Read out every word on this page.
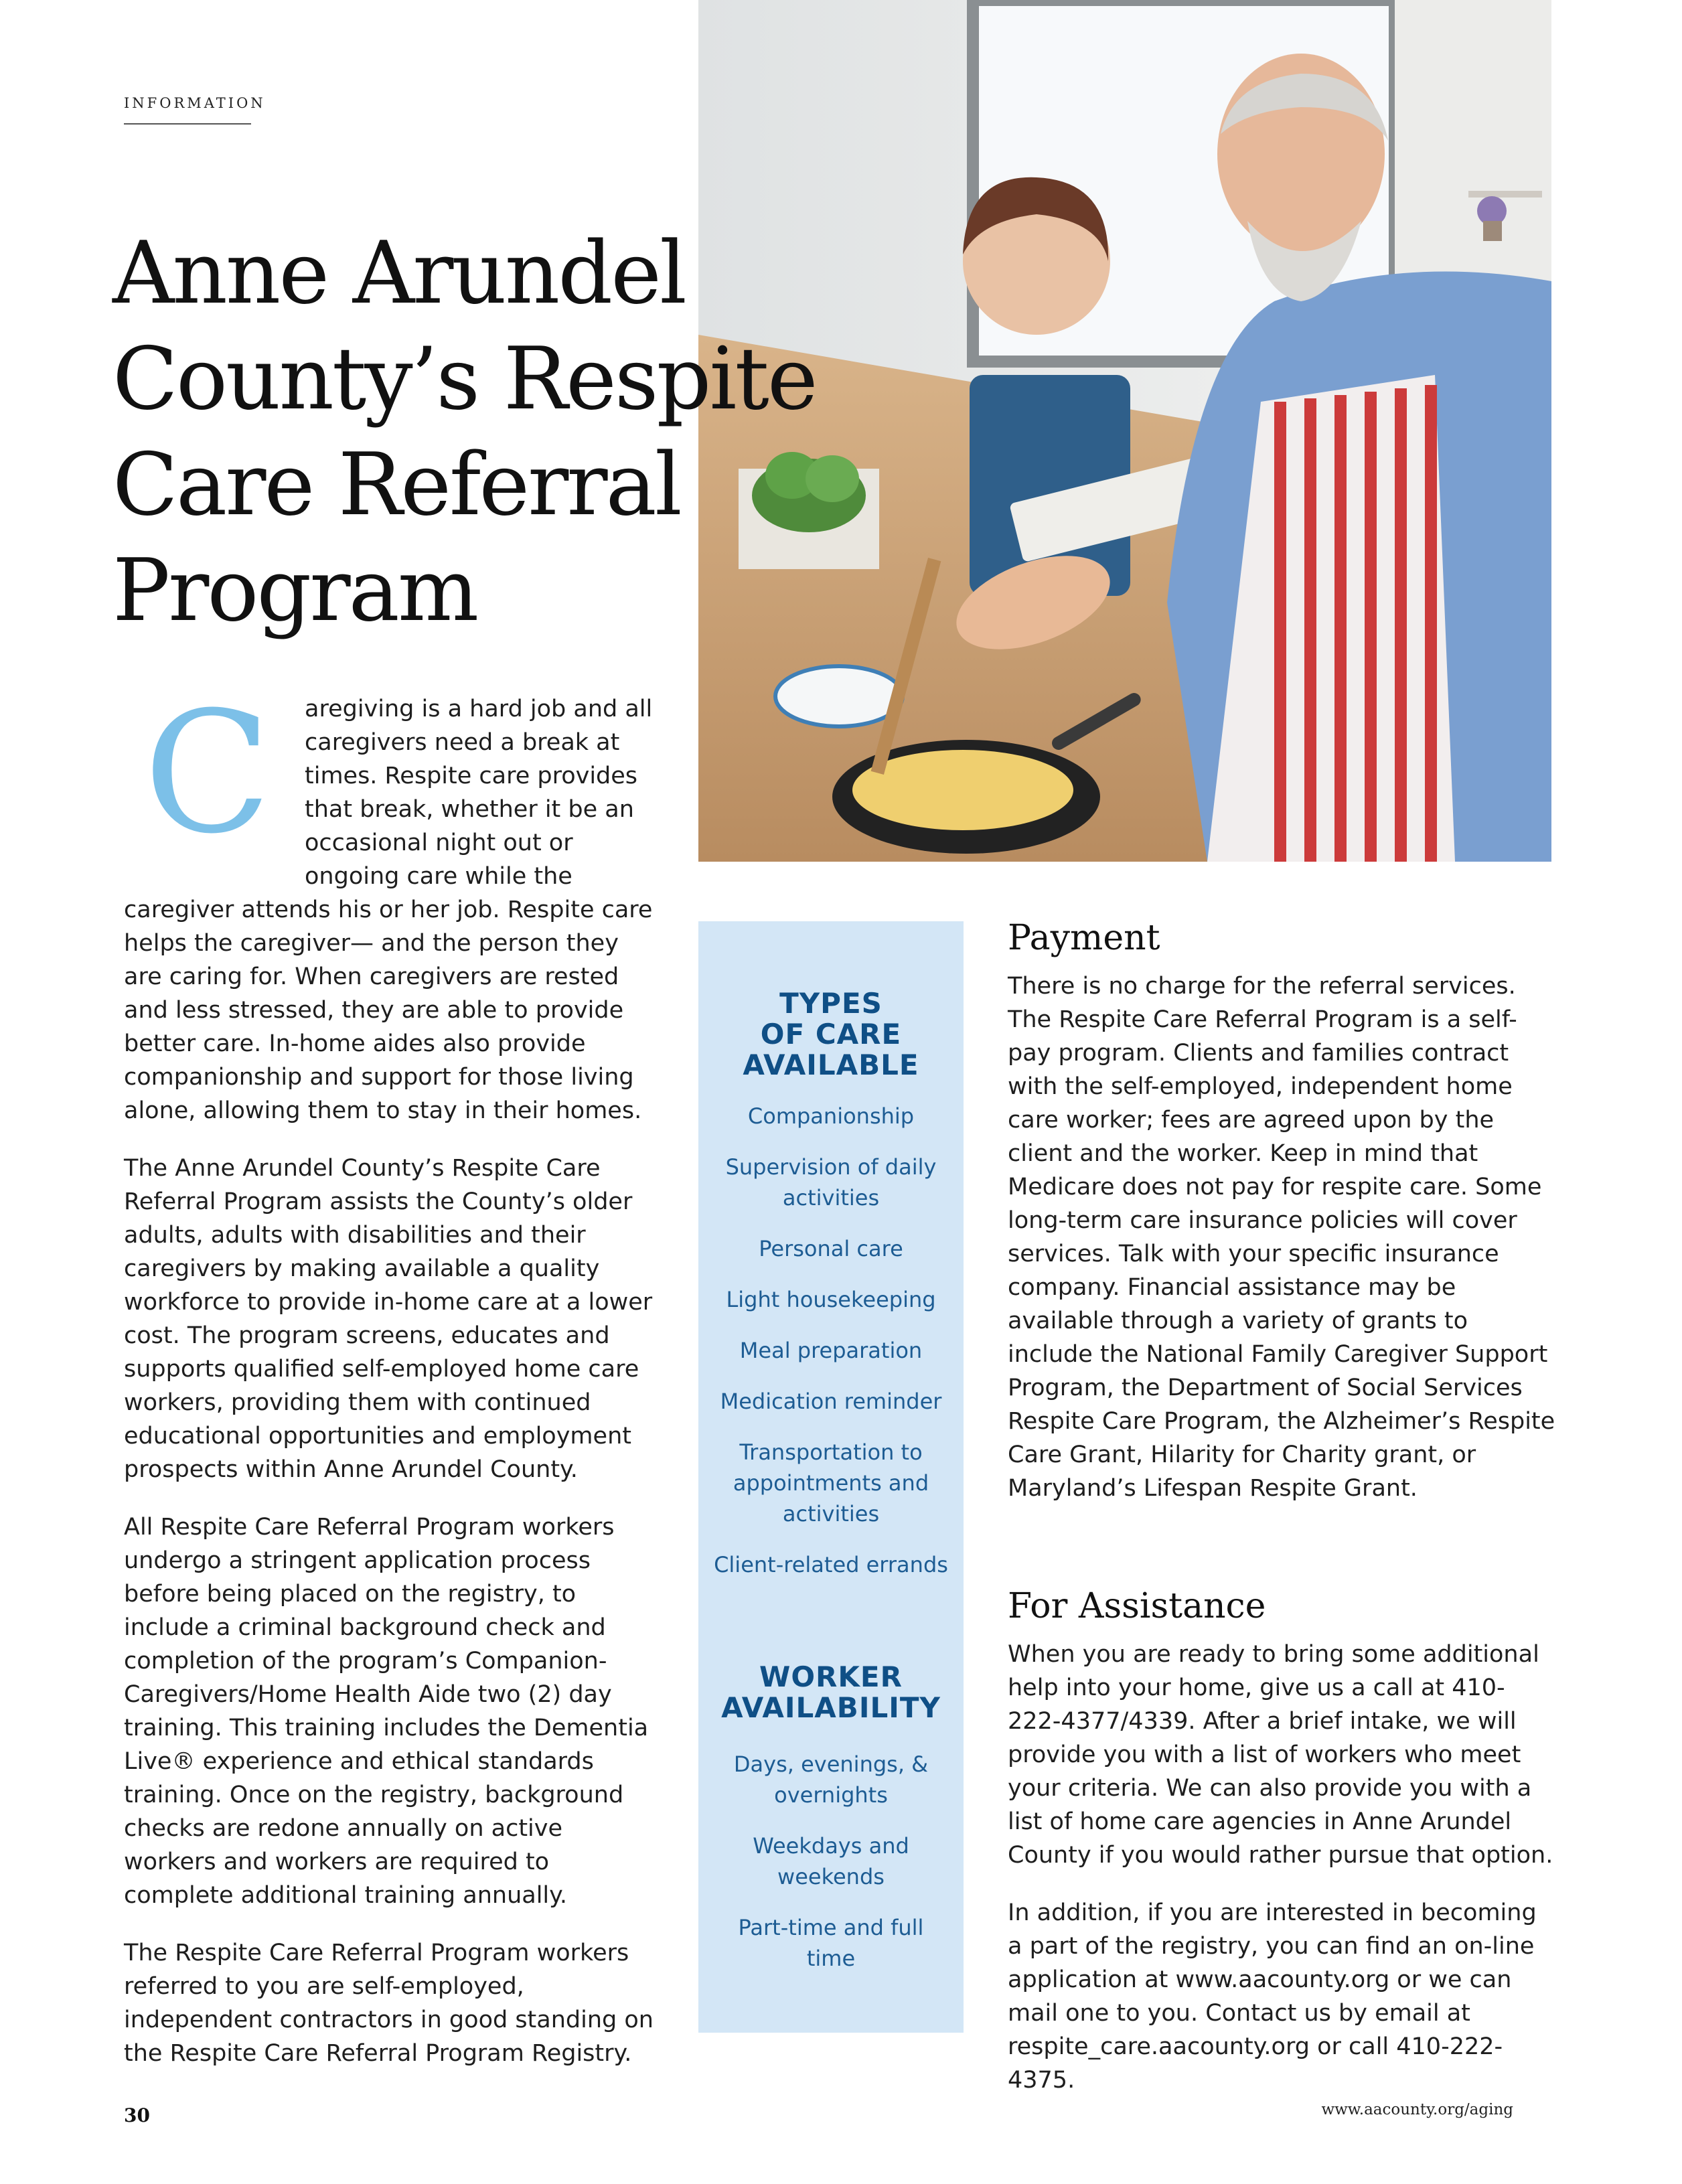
INFORMATION
Anne Arundel
County’s Respite
Care Referral
Program

C	aregiving is a hard job and all caregivers need a break at times. Respite care provides that break, whether it be an occasional night out or ongoing care while the caregiver attends his or her job. Respite care helps the caregiver— and the person they are caring for. When caregivers are rested and less stressed, they are able to provide better care. In-home aides also provide companionship and support for those living alone, allowing them to stay in their homes.

The Anne Arundel County’s Respite Care Referral Program assists the County’s older adults, adults with disabilities and their caregivers by making available a quality workforce to provide in-home care at a lower cost. The program screens, educates and supports qualified self-employed home care workers, providing them with continued educational opportunities and employment prospects within Anne Arundel County.

All Respite Care Referral Program workers undergo a stringent application process before being placed on the registry, to include a criminal background check and completion of the program’s Companion-Caregivers/Home Health Aide two (2) day training. This training includes the Dementia Live® experience and ethical standards training. Once on the registry, background checks are redone annually on active workers and workers are required to complete additional training annually.

The Respite Care Referral Program workers referred to you are self-employed, independent contractors in good standing on the Respite Care Referral Program Registry.

TYPES
OF CARE
AVAILABLE
Companionship
Supervision of daily activities
Personal care
Light housekeeping
Meal preparation
Medication reminder
Transportation to appointments and activities
Client-related errands
WORKER
AVAILABILITY
Days, evenings, & overnights
Weekdays and weekends
Part-time and full time
Payment

There is no charge for the referral services. The Respite Care Referral Program is a self-pay program. Clients and families contract with the self-employed, independent home care worker; fees are agreed upon by the client and the worker. Keep in mind that Medicare does not pay for respite care. Some long-term care insurance policies will cover services. Talk with your specific insurance company. Financial assistance may be available through a variety of grants to include the National Family Caregiver Support Program, the Department of Social Services Respite Care Program, the Alzheimer’s Respite Care Grant, Hilarity for Charity grant, or Maryland’s Lifespan Respite Grant.

For Assistance

When you are ready to bring some additional help into your home, give us a call at 410-222-4377/4339. After a brief intake, we will provide you with a list of workers who meet your criteria. We can also provide you with a list of home care agencies in Anne Arundel County if you would rather pursue that option.

In addition, if you are interested in becoming a part of the registry, you can find an on-line application at www.aacounty.org or we can mail one to you. Contact us by email at respite_care.aacounty.org or call 410-222-4375.

30	www.aacounty.org/aging
